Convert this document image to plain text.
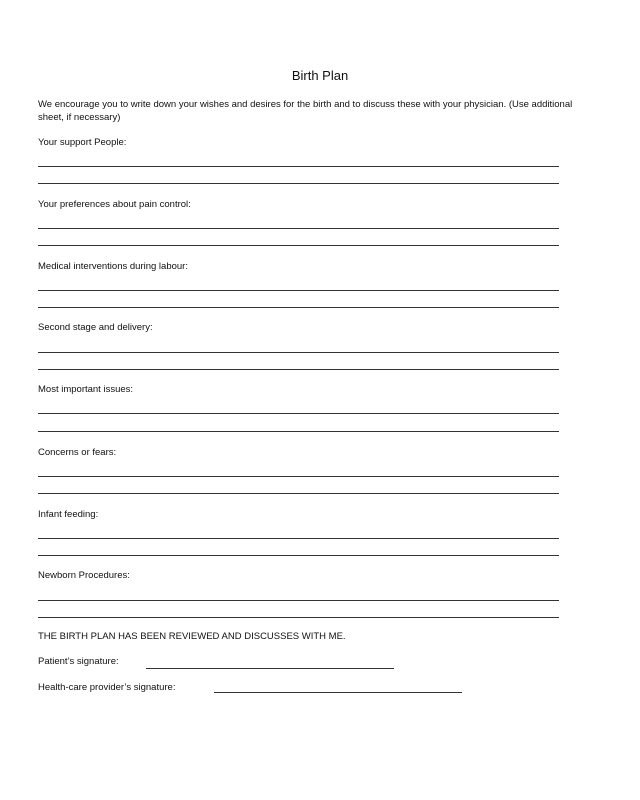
Birth Plan
We encourage you to write down your wishes and desires for the birth and to discuss these with your physician. (Use additional sheet, if necessary)
Your support People:
Your preferences about pain control:
Medical interventions during labour:
Second stage and delivery:
Most important issues:
Concerns or fears:
Infant feeding:
Newborn Procedures:
THE BIRTH PLAN HAS BEEN REVIEWED AND DISCUSSES WITH ME.
Patient’s signature:
Health-care provider’s signature:
